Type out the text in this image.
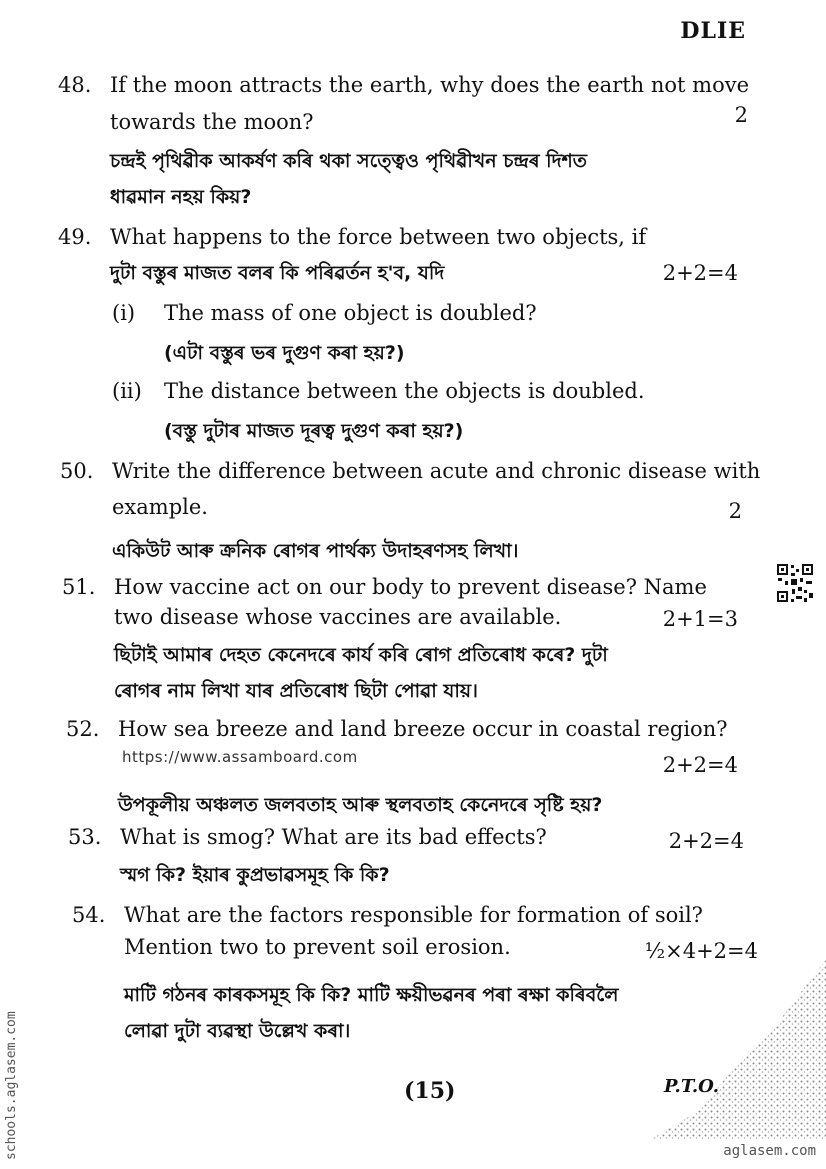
DLIE
48. If the moon attracts the earth, why does the earth not move
towards the moon?	2
চন্দ্ৰই পৃথিৱীক আকৰ্ষণ কৰি থকা সত্ত্বেও পৃথিৱীখন চন্দ্ৰৰ দিশত
ধাৱমান নহয় কিয়?
49. What happens to the force between two objects, if
দুটা বস্তুৰ মাজত বলৰ কি পৰিৱৰ্তন হ'ব, যদি	2+2=4
(i) The mass of one object is doubled?
(এটা বস্তুৰ ভৰ দুগুণ কৰা হয়?)
(ii) The distance between the objects is doubled.
(বস্তু দুটাৰ মাজত দূৰত্ব দুগুণ কৰা হয়?)
50. Write the difference between acute and chronic disease with
example.	2
একিউট আৰু ক্ৰনিক ৰোগৰ পাৰ্থক্য উদাহৰণসহ লিখা।
51. How vaccine act on our body to prevent disease? Name
two disease whose vaccines are available.	2+1=3
ছিটাই আমাৰ দেহত কেনেদৰে কাৰ্য কৰি ৰোগ প্ৰতিৰোধ কৰে? দুটা
ৰোগৰ নাম লিখা যাৰ প্ৰতিৰোধ ছিটা পোৱা যায়।
52. How sea breeze and land breeze occur in coastal region?
2+2=4
উপকূলীয় অঞ্চলত জলবতাহ আৰু স্থলবতাহ কেনেদৰে সৃষ্টি হয়?
https://www.assamboard.com
53. What is smog? What are its bad effects?	2+2=4
স্মগ কি? ইয়াৰ কুপ্ৰভাৱসমূহ কি কি?
54. What are the factors responsible for formation of soil?
Mention two to prevent soil erosion.	½×4+2=4
মাটি গঠনৰ কাৰকসমূহ কি কি? মাটি ক্ষয়ীভৱনৰ পৰা ৰক্ষা কৰিবলৈ
লোৱা দুটা ব্যৱস্থা উল্লেখ কৰা।
(15)	P.T.O.
schools.aglasem.com	aglasem.com
